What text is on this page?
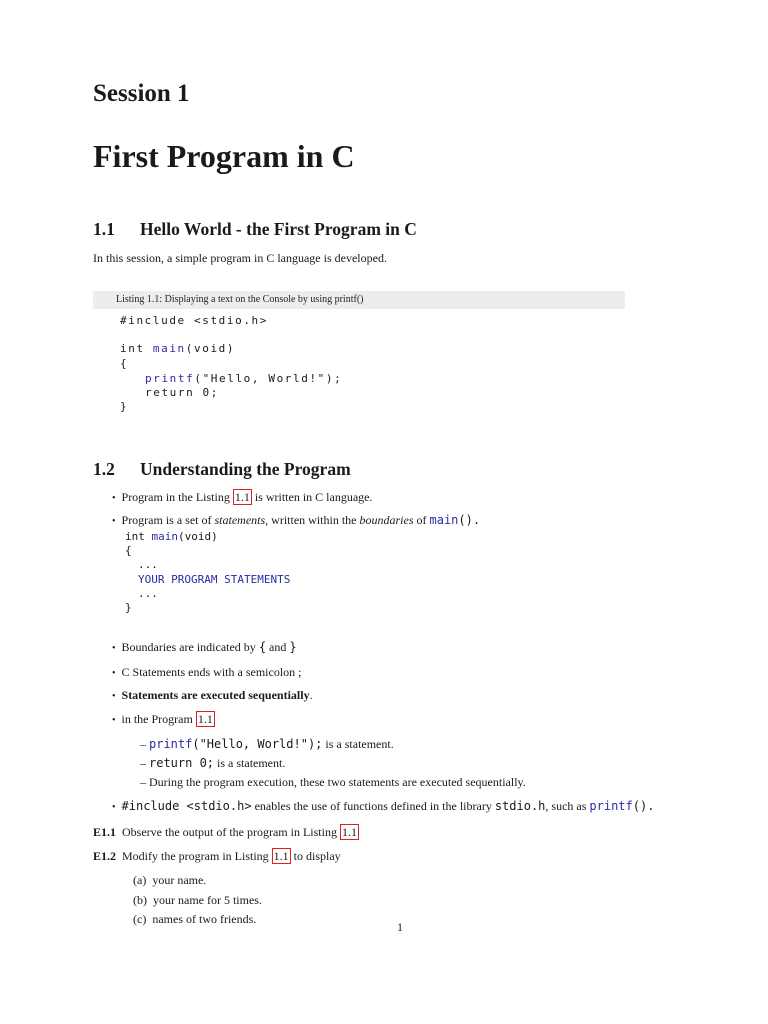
Session 1
First Program in C
1.1 Hello World - the First Program in C
In this session, a simple program in C language is developed.
Listing 1.1: Displaying a text on the Console by using printf()
#include <stdio.h>
int main(void)
{
printf("Hello, World!");
return 0;
}
1.2 Understanding the Program
• Program in the Listing 1.1 is written in C language.
• Program is a set of statements, written within the boundaries of main().
int main(void)
{
...
YOUR PROGRAM STATEMENTS
...
}
• Boundaries are indicated by { and }
• C Statements ends with a semicolon ;
• Statements are executed sequentially.
• in the Program 1.1
– printf("Hello, World!"); is a statement.
– return 0; is a statement.
– During the program execution, these two statements are executed sequentially.
• #include <stdio.h> enables the use of functions defined in the library stdio.h, such as printf().
E1.1 Observe the output of the program in Listing 1.1
E1.2 Modify the program in Listing 1.1 to display
(a) your name.
(b) your name for 5 times.
(c) names of two friends.
1
